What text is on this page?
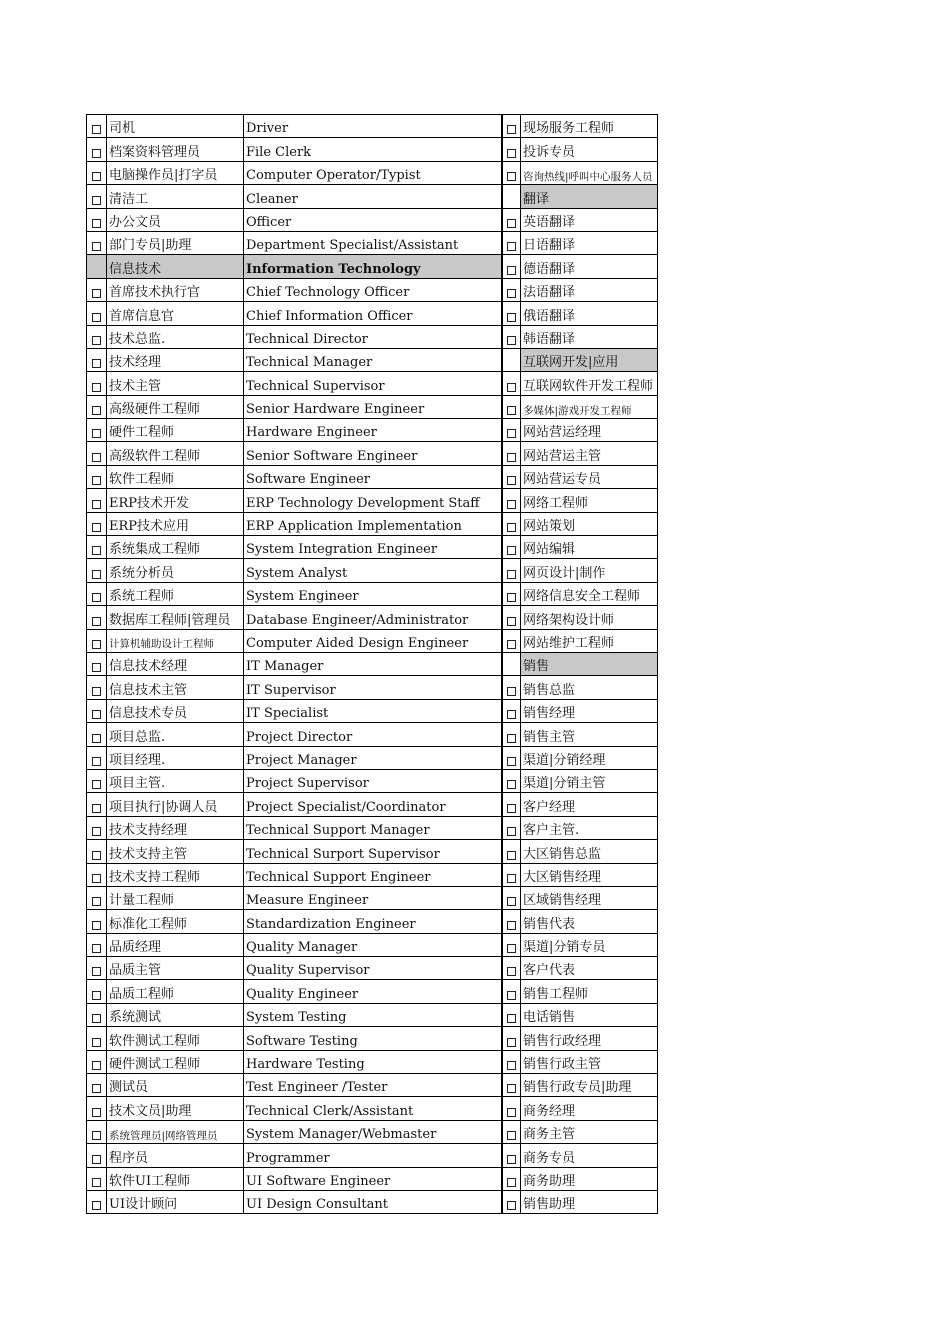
司机	Driver	现场服务工程师
档案资料管理员	File Clerk	投诉专员
电脑操作员|打字员	Computer Operator/Typist	咨询热线|呼叫中心服务人员
清洁工	Cleaner	翻译
办公文员	Officer	英语翻译
部门专员|助理	Department Specialist/Assistant	日语翻译
信息技术	Information Technology	德语翻译
首席技术执行官	Chief Technology Officer	法语翻译
首席信息官	Chief Information Officer	俄语翻译
技术总监.	Technical Director	韩语翻译
技术经理	Technical Manager	互联网开发|应用
技术主管	Technical Supervisor	互联网软件开发工程师
高级硬件工程师	Senior Hardware Engineer	多媒体|游戏开发工程师
硬件工程师	Hardware Engineer	网站营运经理
高级软件工程师	Senior Software Engineer	网站营运主管
软件工程师	Software Engineer	网站营运专员
ERP技术开发	ERP Technology Development Staff	网络工程师
ERP技术应用	ERP Application Implementation	网站策划
系统集成工程师	System Integration Engineer	网站编辑
系统分析员	System Analyst	网页设计|制作
系统工程师	System Engineer	网络信息安全工程师
数据库工程师|管理员	Database Engineer/Administrator	网络架构设计师
计算机辅助设计工程师	Computer Aided Design Engineer	网站维护工程师
信息技术经理	IT Manager	销售
信息技术主管	IT Supervisor	销售总监
信息技术专员	IT Specialist	销售经理
项目总监.	Project Director	销售主管
项目经理.	Project Manager	渠道|分销经理
项目主管.	Project Supervisor	渠道|分销主管
项目执行|协调人员	Project Specialist/Coordinator	客户经理
技术支持经理	Technical Support Manager	客户主管.
技术支持主管	Technical Surport Supervisor	大区销售总监
技术支持工程师	Technical Support Engineer	大区销售经理
计量工程师	Measure Engineer	区域销售经理
标准化工程师	Standardization Engineer	销售代表
品质经理	Quality Manager	渠道|分销专员
品质主管	Quality Supervisor	客户代表
品质工程师	Quality Engineer	销售工程师
系统测试	System Testing	电话销售
软件测试工程师	Software Testing	销售行政经理
硬件测试工程师	Hardware Testing	销售行政主管
测试员	Test Engineer /Tester	销售行政专员|助理
技术文员|助理	Technical Clerk/Assistant	商务经理
系统管理员|网络管理员	System Manager/Webmaster	商务主管
程序员	Programmer	商务专员
软件UI工程师	UI Software Engineer	商务助理
UI设计顾问	UI Design Consultant	销售助理
